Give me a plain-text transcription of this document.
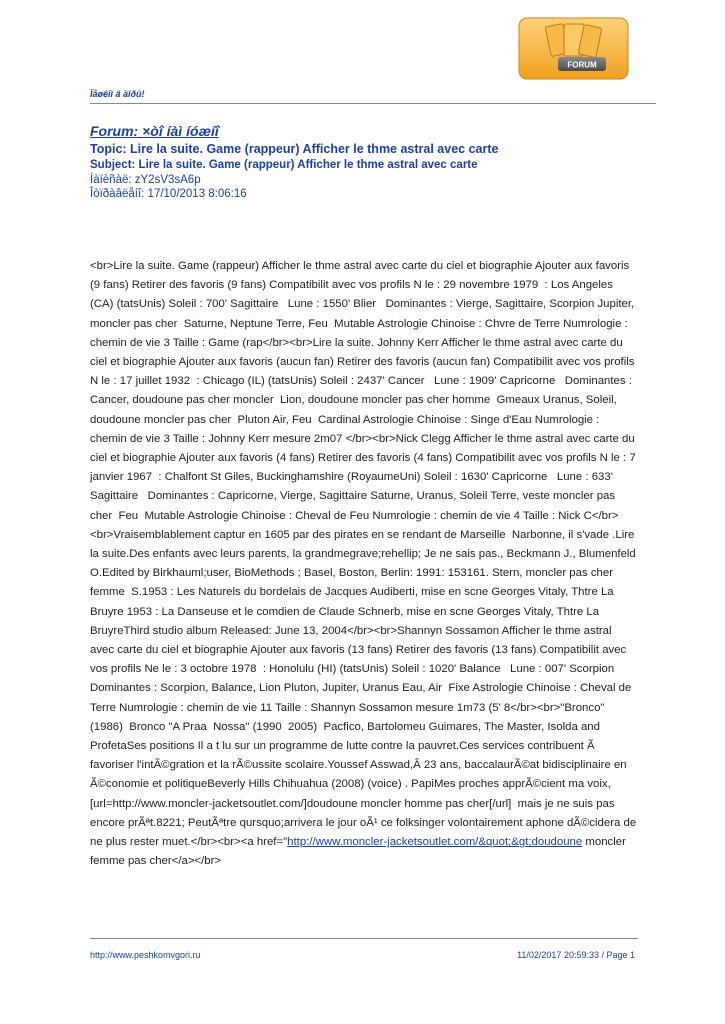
Ïåøêîì â äîðû!
FORUM

Forum: ×òî íàì íóæíî

Topic: Lire la suite. Game (rappeur) Afficher le thme astral avec carte

Subject: Lire la suite. Game (rappeur) Afficher le thme astral avec carte

Íàïèñàë: zY2sV3sA6p

Îòïðàâëåíî: 17/10/2013 8:06:16

<br>Lire la suite. Game (rappeur) Afficher le thme astral avec carte du ciel et biographie Ajouter aux favoris (9 fans) Retirer des favoris (9 fans) Compatibilit avec vos profils N le : 29 novembre 1979  : Los Angeles (CA) (tatsUnis) Soleil : 700' Sagittaire   Lune : 1550' Blier   Dominantes : Vierge, Sagittaire, Scorpion Jupiter, moncler pas cher  Saturne, Neptune Terre, Feu  Mutable Astrologie Chinoise : Chvre de Terre Numrologie : chemin de vie 3 Taille : Game (rap</br><br>Lire la suite. Johnny Kerr Afficher le thme astral avec carte du ciel et biographie Ajouter aux favoris (aucun fan) Retirer des favoris (aucun fan) Compatibilit avec vos profils N le : 17 juillet 1932  : Chicago (IL) (tatsUnis) Soleil : 2437' Cancer   Lune : 1909' Capricorne   Dominantes : Cancer, doudoune pas cher moncler  Lion, doudoune moncler pas cher homme  Gmeaux Uranus, Soleil, doudoune moncler pas cher  Pluton Air, Feu  Cardinal Astrologie Chinoise : Singe d'Eau Numrologie : chemin de vie 3 Taille : Johnny Kerr mesure 2m07 </br><br>Nick Clegg Afficher le thme astral avec carte du ciel et biographie Ajouter aux favoris (4 fans) Retirer des favoris (4 fans) Compatibilit avec vos profils N le : 7 janvier 1967  : Chalfont St Giles, Buckinghamshire (RoyaumeUni) Soleil : 1630' Capricorne   Lune : 633' Sagittaire   Dominantes : Capricorne, Vierge, Sagittaire Saturne, Uranus, Soleil Terre, veste moncler pas cher  Feu  Mutable Astrologie Chinoise : Cheval de Feu Numrologie : chemin de vie 4 Taille : Nick C</br><br>Vraisemblablement captur en 1605 par des pirates en se rendant de Marseille  Narbonne, il s'vade .Lire la suite.Des enfants avec leurs parents, la grandmegrave;rehellip; Je ne sais pas., Beckmann J., Blumenfeld O.Edited by Birkhauml;user, BioMethods ; Basel, Boston, Berlin: 1991: 153161. Stern, moncler pas cher femme  S.1953 : Les Naturels du bordelais de Jacques Audiberti, mise en scne Georges Vitaly, Thtre La Bruyre 1953 : La Danseuse et le comdien de Claude Schnerb, mise en scne Georges Vitaly, Thtre La BruyreThird studio album Released: June 13, 2004</br><br>Shannyn Sossamon Afficher le thme astral avec carte du ciel et biographie Ajouter aux favoris (13 fans) Retirer des favoris (13 fans) Compatibilit avec vos profils Ne le : 3 octobre 1978  : Honolulu (HI) (tatsUnis) Soleil : 1020' Balance   Lune : 007' Scorpion   Dominantes : Scorpion, Balance, Lion Pluton, Jupiter, Uranus Eau, Air  Fixe Astrologie Chinoise : Cheval de Terre Numrologie : chemin de vie 11 Taille : Shannyn Sossamon mesure 1m73 (5' 8</br><br>"Bronco" (1986)  Bronco "A Praa  Nossa" (1990  2005)  Pacfico, Bartolomeu Guimares, The Master, Isolda and ProfetaSes positions Il a t lu sur un programme de lutte contre la pauvret.Ces services contribuent Ã  favoriser l'intÃ©gration et la rÃ©ussite scolaire.Youssef Asswad,Â 23 ans, baccalaurÃ©at bidisciplinaire en Ã©conomie et politiqueBeverly Hills Chihuahua (2008) (voice) . PapiMes proches apprÃ©cient ma voix, [url=http://www.moncler-jacketsoutlet.com/]doudoune moncler homme pas cher[/url]  mais je ne suis pas encore prÃªt.8221; PeutÃªtre qursquo;arrivera le jour oÃ¹ ce folksinger volontairement aphone dÃ©cidera de ne plus rester muet.</br><br><a href="http://www.moncler-jacketsoutlet.com/&quot;&gt;doudoune moncler femme pas cher</a></br>
http://www.peshkomvgori.ru	11/02/2017 20:59:33 / Page 1
